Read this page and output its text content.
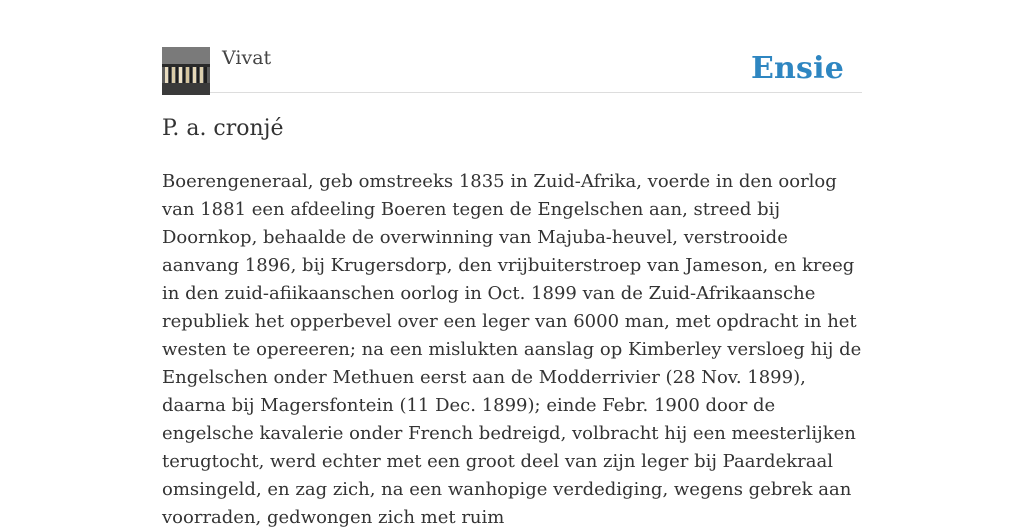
Vivat	Ensie
P. a. cronjé

Boerengeneraal, geb omstreeks 1835 in Zuid-Afrika, voerde in den oorlog van 1881 een afdeeling Boeren tegen de Engelschen aan, streed bij Doornkop, behaalde de overwinning van Majuba-heuvel, verstrooide aanvang 1896, bij Krugersdorp, den vrijbuiterstroep van Jameson, en kreeg in den zuid-afiikaanschen oorlog in Oct. 1899 van de Zuid-Afrikaansche republiek het opperbevel over een leger van 6000 man, met opdracht in het westen te opereeren; na een mislukten aanslag op Kimberley versloeg hij de Engelschen onder Methuen eerst aan de Modderrivier (28 Nov. 1899), daarna bij Magersfontein (11 Dec. 1899); einde Febr. 1900 door de engelsche kavalerie onder French bedreigd, volbracht hij een meesterlijken terugtocht, werd echter met een groot deel van zijn leger bij Paardekraal omsingeld, en zag zich, na een wanhopige verdediging, wegens gebrek aan voorraden, gedwongen zich met ruim
